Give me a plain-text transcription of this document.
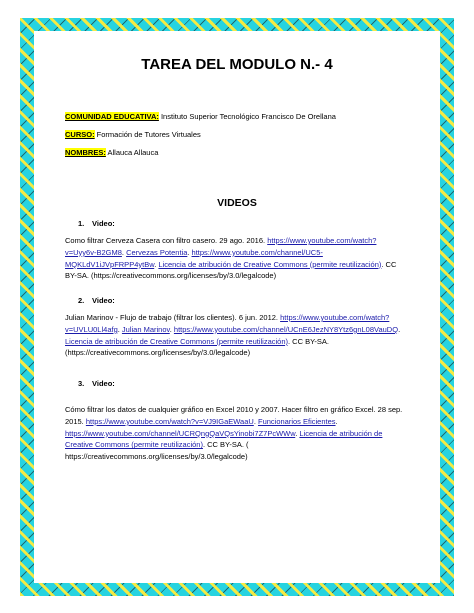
TAREA DEL MODULO N.- 4
COMUNIDAD EDUCATIVA: Instituto Superior Tecnológico Francisco De Orellana
CURSO: Formación de Tutores Virtuales
NOMBRES: Allauca Allauca
VIDEOS
1. Video:
Como filtrar Cerveza Casera con filtro casero. 29 ago. 2016. https://www.youtube.com/watch?v=Uyy6v-B2GM8. Cervezas Potentia. https://www.youtube.com/channel/UC5-MQKLdV1iJVpFRPP4ytBw. Licencia de atribución de Creative Commons (permite reutilización). CC BY-SA. (https://creativecommons.org/licenses/by/3.0/legalcode)
2. Video:
Julian Marinov - Flujo de trabajo (filtrar los clientes). 6 jun. 2012. https://www.youtube.com/watch?v=UVLU0Ll4afg. Julian Marinov. https://www.youtube.com/channel/UCnE6JezNY8Ytz6gnL08VauDQ. Licencia de atribución de Creative Commons (permite reutilización). CC BY-SA. (https://creativecommons.org/licenses/by/3.0/legalcode)
3. Video:
Cómo filtrar los datos de cualquier gráfico en Excel 2010 y 2007. Hacer filtro en gráfico Excel. 28 sep. 2015. https://www.youtube.com/watch?v=VJ9IGaEWaaU. Funcionarios Eficientes. https://www.youtube.com/channel/UCRQngQaVQsYinobi7Z7PcWWw. Licencia de atribución de Creative Commons (permite reutilización). CC BY-SA. ( https://creativecommons.org/licenses/by/3.0/legalcode)
